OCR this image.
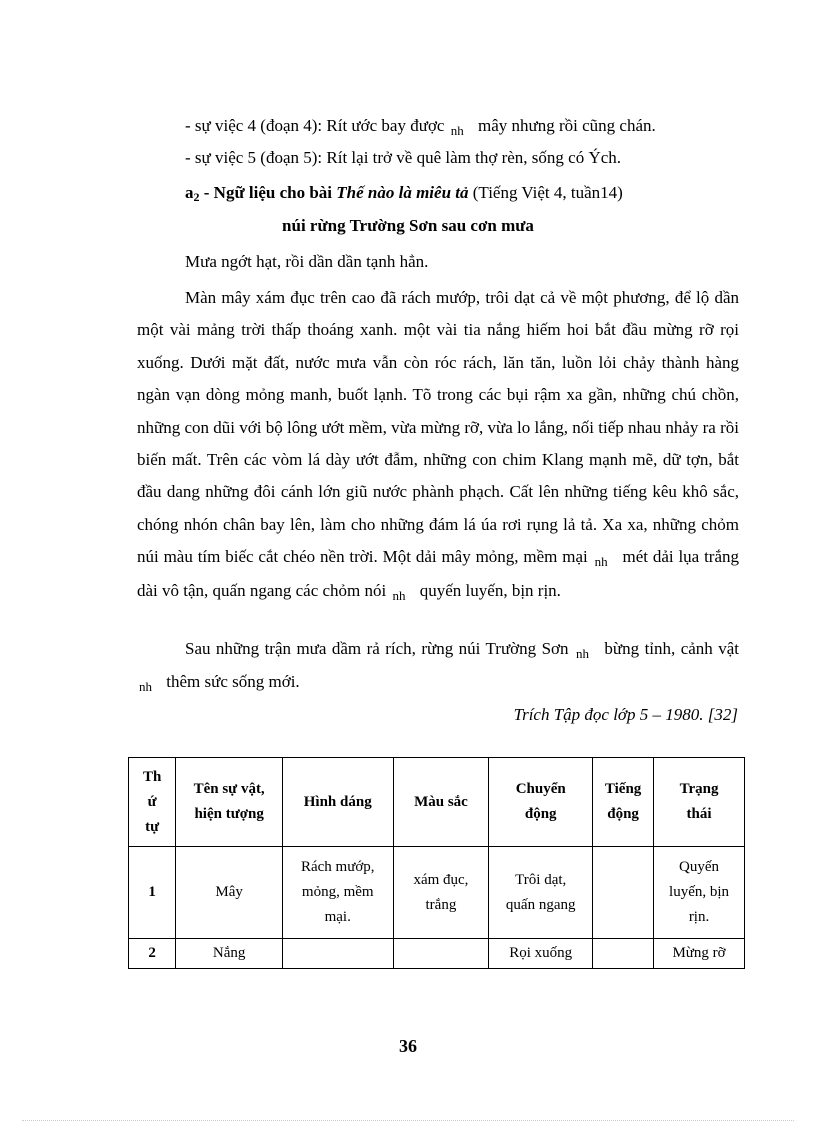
- sự việc 4 (đoạn 4): Rít ước bay được $_{nh}$ mây nhưng rồi cũng chán.
- sự việc 5 (đoạn 5): Rít lại trở về quê làm thợ rèn, sống có Ých.
$a_2$ - Ngữ liệu cho bài Thế nào là miêu tả (Tiếng Việt 4, tuần14)
núi rừng Trường Sơn sau cơn mưa
Mưa ngớt hạt, rồi dần dần tạnh hẳn.
Màn mây xám đục trên cao đã rách mướp, trôi dạt cả về một phương, để lộ dần một vài mảng trời thấp thoáng xanh. một vài tia nắng hiếm hoi bắt đầu mừng rỡ rọi xuống. Dưới mặt đất, nước mưa vẫn còn róc rách, lăn tăn, luồn lỏi chảy thành hàng ngàn vạn dòng mỏng manh, buốt lạnh. Tõ trong các bụi rậm xa gần, những chú chồn, những con dũi với bộ lông ướt mềm, vừa mừng rỡ, vừa lo lắng, nối tiếp nhau nhảy ra rồi biến mất. Trên các vòm lá dày ướt đẫm, những con chim Klang mạnh mẽ, dữ tợn, bắt đầu dang những đôi cánh lớn giũ nước phành phạch. Cất lên những tiếng kêu khô sắc, chóng nhón chân bay lên, làm cho những đám lá úa rơi rụng lả tả. Xa xa, những chỏm núi màu tím biếc cắt chéo nền trời. Một dải mây mỏng, mềm mại $_{nh}$ mét dải lụa trắng dài vô tận, quấn ngang các chỏm nói $_{nh}$ quyến luyến, bịn rịn.
Sau những trận mưa dầm rả rích, rừng núi Trường Sơn $_{nh}$ bừng tỉnh, cảnh vật $_{nh}$ thêm sức sống mới.
Trích Tập đọc lớp 5 – 1980. [32]
Th ứ tự	Tên sự vật, hiện tượng	Hình dáng	Màu sắc	Chuyển động	Tiếng động	Trạng thái
1	Mây	Rách mướp, mỏng, mềm mại.	xám đục, trắng	Trôi dạt, quấn ngang		Quyến luyến, bịn rịn.
2	Nắng			Rọi xuống		Mừng rỡ
36
